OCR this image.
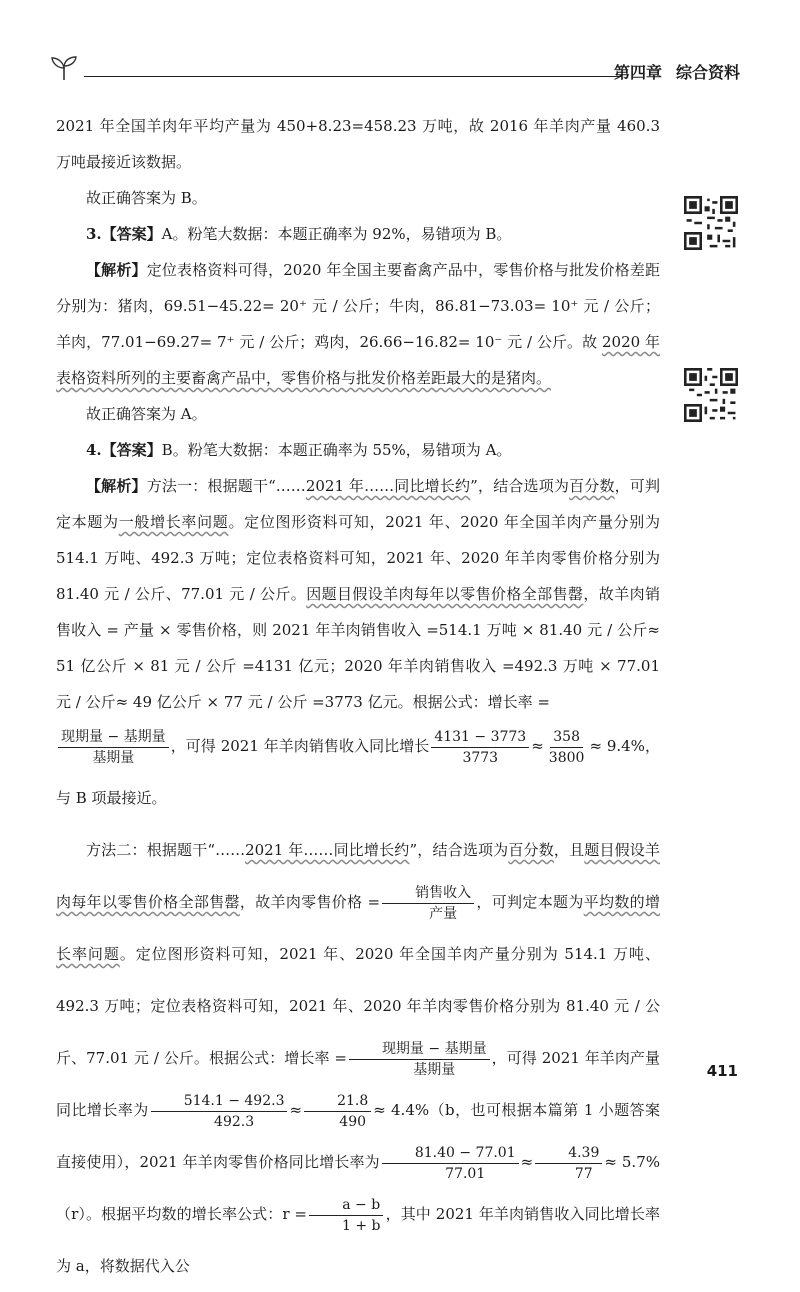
第四章 综合资料

2021 年全国羊肉年平均产量为 450+8.23=458.23 万吨，故 2016 年羊肉产量 460.3 万吨最接近该数据。

故正确答案为 B。

3.【答案】A。粉笔大数据：本题正确率为 92%，易错项为 B。

【解析】定位表格资料可得，2020 年全国主要畜禽产品中，零售价格与批发价格差距分别为：猪肉，69.51−45.22= 20⁺ 元 / 公斤；牛肉，86.81−73.03= 10⁺ 元 / 公斤；羊肉，77.01−69.27= 7⁺ 元 / 公斤；鸡肉，26.66−16.82= 10⁻ 元 / 公斤。故 2020 年表格资料所列的主要畜禽产品中，零售价格与批发价格差距最大的是猪肉。

故正确答案为 A。

4.【答案】B。粉笔大数据：本题正确率为 55%，易错项为 A。

【解析】方法一：根据题干“……2021 年……同比增长约”，结合选项为百分数，可判定本题为一般增长率问题。定位图形资料可知，2021 年、2020 年全国羊肉产量分别为 514.1 万吨、492.3 万吨；定位表格资料可知，2021 年、2020 年羊肉零售价格分别为 81.40 元 / 公斤、77.01 元 / 公斤。因题目假设羊肉每年以零售价格全部售罄，故羊肉销售收入 = 产量 × 零售价格，则 2021 年羊肉销售收入 =514.1 万吨 × 81.40 元 / 公斤≈ 51 亿公斤 × 81 元 / 公斤 =4131 亿元；2020 年羊肉销售收入 =492.3 万吨 × 77.01 元 / 公斤≈ 49 亿公斤 × 77 元 / 公斤 =3773 亿元。根据公式：增长率 =

$\frac{\text{现期量 − 基期量}}{\text{基期量}}$ ，可得 2021 年羊肉销售收入同比增长 $\frac{4131 - 3773}{3773} \approx \frac{358}{3800} \approx 9.4\%$，与 B 项最接近。

方法二：根据题干“……2021 年……同比增长约”，结合选项为百分数，且题目假设羊肉每年以零售价格全部售罄，故羊肉零售价格 = $\frac{\text{销售收入}}{\text{产量}}$ ，可判定本题为平均数的增长率问题。定位图形资料可知，2021 年、2020 年全国羊肉产量分别为 514.1 万吨、492.3 万吨；定位表格资料可知，2021 年、2020 年羊肉零售价格分别为 81.40 元 / 公斤、77.01 元 / 公斤。根据公式：增长率 = $\frac{\text{现期量 − 基期量}}{\text{基期量}}$ ，可得 2021 年羊肉产量同比增长率为 $\frac{514.1 - 492.3}{492.3} \approx \frac{21.8}{490} \approx 4.4\%(b$，也可根据本篇第 1 小题答案直接使用），2021 年羊肉零售价格同比增长率为 $\frac{81.40 - 77.01}{77.01} \approx \frac{4.39}{77} \approx 5.7\%(r)$。根据平均数的增长率公式：$r = \frac{a - b}{1 + b}$ ，其中 2021 年羊肉销售收入同比增长率为 a，将数据代入公

411
